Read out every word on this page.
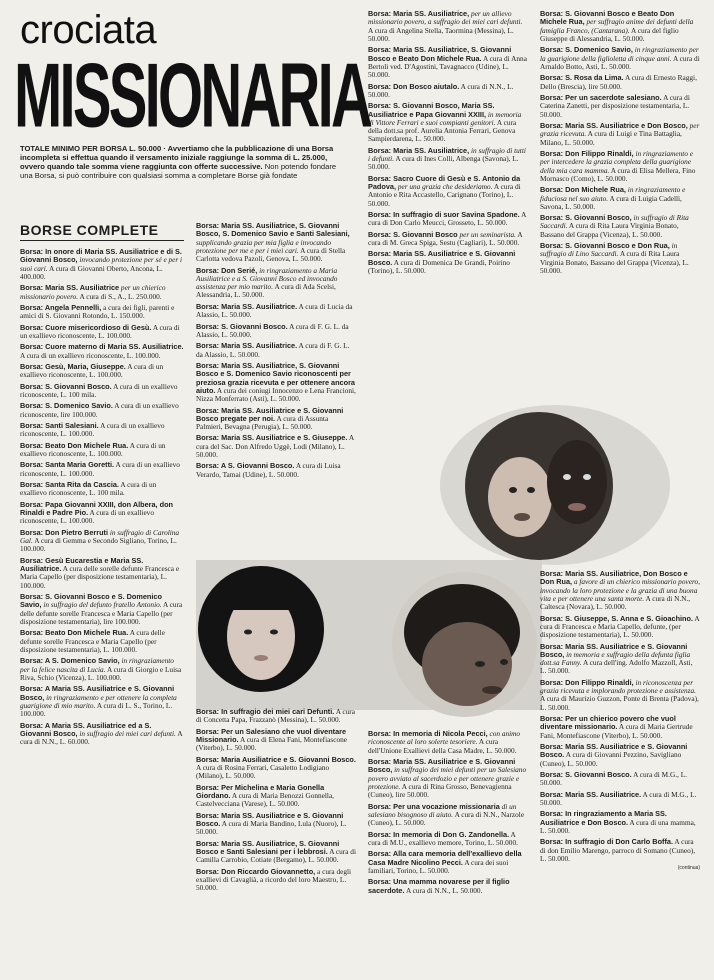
crociata
MISSIONARIA
TOTALE MINIMO PER BORSA L. 50.000 · Avvertiamo che la pubblicazione di una Borsa incompleta si effettua quando il versamento iniziale raggiunge la somma di L. 25.000, ovvero quando tale somma viene raggiunta con offerte successive. Non potendo fondare una Borsa, si può contribuire con qualsiasi somma a completare Borse già fondate
BORSE COMPLETE
Borsa: In onore di Maria SS. Ausiliatrice e di S. Giovanni Bosco, invocando protezione per sé e per i suoi cari. A cura di Giovanni Oberto, Ancona, L. 400.000.
Borsa: Maria SS. Ausiliatrice per un chierico missionario povero. A cura di S., A., L. 250.000.
Borsa: Angela Pennelli, a cura dei figli, parenti e amici di S. Giovanni Rotondo, L. 150.000.
Borsa: Cuore misericordioso di Gesù. A cura di un exallievo riconoscente, L. 100.000.
Borsa: Cuore materno di Maria SS. Ausiliatrice. A cura di un exallievo riconoscente, L. 100.000.
Borsa: Gesù, Maria, Giuseppe. A cura di un exallievo riconoscente, L. 100.000.
Borsa: S. Giovanni Bosco. A cura di un exallievo riconoscente, L. 100 mila.
Borsa: S. Domenico Savio. A cura di un exallievo riconoscente, lire 100.000.
Borsa: Santi Salesiani. A cura di un exallievo riconoscente, L. 100.000.
Borsa: Beato Don Michele Rua. A cura di un exallievo riconoscente, L. 100.000.
Borsa: Santa Maria Goretti. A cura di un exallievo riconoscente, L. 100.000.
Borsa: Santa Rita da Cascia. A cura di un exallievo riconoscente, L. 100 mila.
Borsa: Papa Giovanni XXIII, don Albera, don Rinaldi e Padre Pio. A cura di un exallievo riconoscente, L. 100.000.
Borsa: Don Pietro Berruti in suffragio di Carolina Gal. A cura di Gemma e Secondo Sigliano, Torino, L. 100.000.
Borsa: Gesù Eucarestia e Maria SS. Ausiliatrice. A cura delle sorelle defunte Francesca e Maria Capello (per disposizione testamentaria), L. 100.000.
Borsa: S. Giovanni Bosco e S. Domenico Savio, in suffragio del defunto fratello Antonio. A cura delle defunte sorelle Francesca e Maria Capello (per disposizione testamentaria), lire 100.000.
Borsa: Beato Don Michele Rua. A cura delle defunte sorelle Francesca e Maria Capello (per disposizione testamentaria), L. 100.000.
Borsa: A S. Domenico Savio, in ringraziamento per la felice nascita di Lucia. A cura di Giorgio e Luisa Riva, Schio (Vicenza), L. 100.000.
Borsa: A Maria SS. Ausiliatrice e S. Giovanni Bosco, in ringraziamento e per ottenere la completa guarigione di mio marito. A cura di L. S., Torino, L. 100.000.
Borsa: A Maria SS. Ausiliatrice ed a S. Giovanni Bosco, in suffragio dei miei cari defunti. A cura di N.N., L. 60.000.
Borsa: Maria SS. Ausiliatrice, S. Giovanni Bosco, S. Domenico Savio e Santi Salesiani, supplicando grazia per mia figlia e invocando protezione per me e per i miei cari. A cura di Stella Carlotta vedova Pazoli, Genova, L. 50.000.
Borsa: Don Serié, in ringraziamento a Maria Ausiliatrice e a S. Giovanni Bosco ed invocando assistenza per mio marito. A cura di Ada Scelsi, Alessandria, L. 50.000.
Borsa: Maria SS. Ausiliatrice. A cura di Lucia da Alassio, L. 50.000.
Borsa: S. Giovanni Bosco. A cura di F. G. L. da Alassio, L. 50.000.
Borsa: Maria SS. Ausiliatrice. A cura di F. G. L. da Alassio, L. 50.000.
Borsa: Maria SS. Ausiliatrice, S. Giovanni Bosco e S. Domenico Savio riconoscenti per preziosa grazia ricevuta e per ottenere ancora aiuto. A cura dei coniugi Innocenzo e Lena Francioni, Nizza Monferrato (Asti), L. 50.000.
Borsa: Maria SS. Ausiliatrice e S. Giovanni Bosco pregate per noi. A cura di Assunta Palmieri, Bevagna (Perugia), L. 50.000.
Borsa: Maria SS. Ausiliatrice e S. Giuseppe. A cura del Sac. Don Alfredo Uggè, Lodi (Milano), L. 50.000.
Borsa: A S. Giovanni Bosco. A cura di Luisa Verardo, Tamai (Udine), L. 50.000.
Borsa: In suffragio dei miei cari Defunti. A cura di Concetta Papa, Frazzanò (Messina), L. 50.000.
Borsa: Per un Salesiano che vuol diventare Missionario. A cura di Elena Fani, Montefiascone (Viterbo), L. 50.000.
Borsa: Maria Ausiliatrice e S. Giovanni Bosco. A cura di Rosina Ferrari, Casaletto Lodigiano (Milano), L. 50.000.
Borsa: Per Michelina e Maria Gonella Giordano. A cura di Maria Benozzi Gonnella, Castelvecciana (Varese), L. 50.000.
Borsa: Maria SS. Ausiliatrice e S. Giovanni Bosco. A cura di Maria Bandino, Lula (Nuoro), L. 50.000.
Borsa: Maria SS. Ausiliatrice, S. Giovanni Bosco e Santi Salesiani per i lebbrosi. A cura di Camilla Carrobio, Cotiate (Bergamo), L. 50.000.
Borsa: Don Riccardo Giovannetto, a cura degli exallievi di Cavaglià, a ricordo del loro Maestro, L. 50.000.
Borsa: Maria SS. Ausiliatrice, per un allievo missionario povero, a suffragio dei miei cari defunti. A cura di Angelina Stella, Taormina (Messina), L. 50.000.
Borsa: Maria SS. Ausiliatrice, S. Giovanni Bosco e Beato Don Michele Rua. A cura di Anna Bertoli ved. D'Agostini, Tavagnacco (Udine), L. 50.000.
Borsa: Don Bosco aiutalo. A cura di N.N., L. 50.000.
Borsa: S. Giovanni Bosco, Maria SS. Ausiliatrice e Papa Giovanni XXIII, in memoria di Vittore Ferrari e suoi compianti genitori. A cura della dott.sa prof. Aurelia Antonia Ferrari, Genova Sampierdarena, L. 50.000.
Borsa: Maria SS. Ausiliatrice, in suffragio di tutti i defunti. A cura di Ines Colli, Albenga (Savona), L. 50.000.
Borsa: Sacro Cuore di Gesù e S. Antonio da Padova, per una grazia che desideriamo. A cura di Antonio e Rita Accastello, Carignano (Torino), L. 50.000.
Borsa: In suffragio di suor Savina Spadone. A cura di Don Carlo Meucci, Grosseto, L. 50.000.
Borsa: S. Giovanni Bosco per un seminarista. A cura di M. Greca Spiga, Sestu (Cagliari), L. 50.000.
Borsa: Maria SS. Ausiliatrice e S. Giovanni Bosco. A cura di Domenica De Grandi, Poirino (Torino), L. 50.000.
Borsa: In memoria di Nicola Pecci, con animo riconoscente al loro solerte tesoriere. A cura dell'Unione Exallievi della Casa Madre, L. 50.000.
Borsa: Maria SS. Ausiliatrice e S. Giovanni Bosco, in suffragio dei miei defunti per un Salesiano povero avviato al sacerdozio e per ottenere grazie e protezione. A cura di Rina Grosso, Benevagienna (Cuneo), lire 50.000.
Borsa: Per una vocazione missionaria di un salesiano bisognoso di aiuto. A cura di N.N., Narzole (Cuneo), L. 50.000.
Borsa: In memoria di Don G. Zandonella. A cura di M.U., exallievo memore, Torino, L. 50.000.
Borsa: Alla cara memoria dell'exallievo della Casa Madre Nicolino Pecci. A cura dei suoi familiari, Torino, L. 50.000.
Borsa: Una mamma novarese per il figlio sacerdote. A cura di N.N., L. 50.000.
Borsa: S. Giovanni Bosco e Beato Don Michele Rua, per suffragio anime dei defunti della famiglia Franco, (Cantarana). A cura del figlio Giuseppe di Alessandria, L. 50.000.
Borsa: S. Domenico Savio, in ringraziamento per la guarigione della figlioletta di cinque anni. A cura di Arnaldo Botto, Asti, L. 50.000.
Borsa: S. Rosa da Lima. A cura di Ernesto Raggi, Dello (Brescia), lire 50.000.
Borsa: Per un sacerdote salesiano. A cura di Caterina Zanetti, per disposizione testamentaria, L. 50.000.
Borsa: Maria SS. Ausiliatrice e Don Bosco, per grazia ricevuta. A cura di Luigi e Tina Battaglia, Milano, L. 50.000.
Borsa: Don Filippo Rinaldi, in ringraziamento e per intercedere la grazia completa della guarigione della mia cara mamma. A cura di Elisa Mellera, Fino Mornasco (Como), L. 50.000.
Borsa: Don Michele Rua, in ringraziamento e fiduciosa nel suo aiuto. A cura di Luigia Cadelli, Savona, L. 50.000.
Borsa: S. Giovanni Bosco, in suffragio di Rita Saccardi. A cura di Rita Laura Virginia Bonato, Bassano del Grappa (Vicenza), L. 50.000.
Borsa: S. Giovanni Bosco e Don Rua, in suffragio di Lino Saccardi. A cura di Rita Laura Virginia Bonato, Bassano del Grappa (Vicenza), L. 50.000.
Borsa: Maria SS. Ausiliatrice, Don Bosco e Don Rua, a favore di un chierico missionario povero, invocando la loro protezione e la grazia di una buona vita e per ottenere una santa morte. A cura di N.N., Caltesca (Novara), L. 50.000.
Borsa: S. Giuseppe, S. Anna e S. Gioachino. A cura di Francesca e Maria Capello, defunte, (per disposizione testamentaria), L. 50.000.
Borsa: Maria SS. Ausiliatrice e S. Giovanni Bosco, in memoria e suffragio della defunta figlia dott.sa Fanny. A cura dell'ing. Adolfo Mazzoll, Asti, L. 50.000.
Borsa: Don Filippo Rinaldi, in riconoscenza per grazia ricevuta e implorando protezione e assistenza. A cura di Maurizio Guzzon, Ponte di Brenta (Padova), L. 50.000.
Borsa: Per un chierico povero che vuol diventare missionario. A cura di Maria Gertrude Fani, Montefiascone (Viterbo), L. 50.000.
Borsa: Maria SS. Ausiliatrice e S. Giovanni Bosco. A cura di Giovanni Pezzino, Savigliano (Cuneo), L. 50.000.
Borsa: S. Giovanni Bosco. A cura di M.G., L. 50.000.
Borsa: Maria SS. Ausiliatrice. A cura di M.G., L. 50.000.
Borsa: In ringraziamento a Maria SS. Ausiliatrice e Don Bosco. A cura di una mamma, L. 50.000.
Borsa: In suffragio di Don Carlo Boffa. A cura di don Emilio Marengo, parroco di Somano (Cuneo), L. 50.000.
(continua)
